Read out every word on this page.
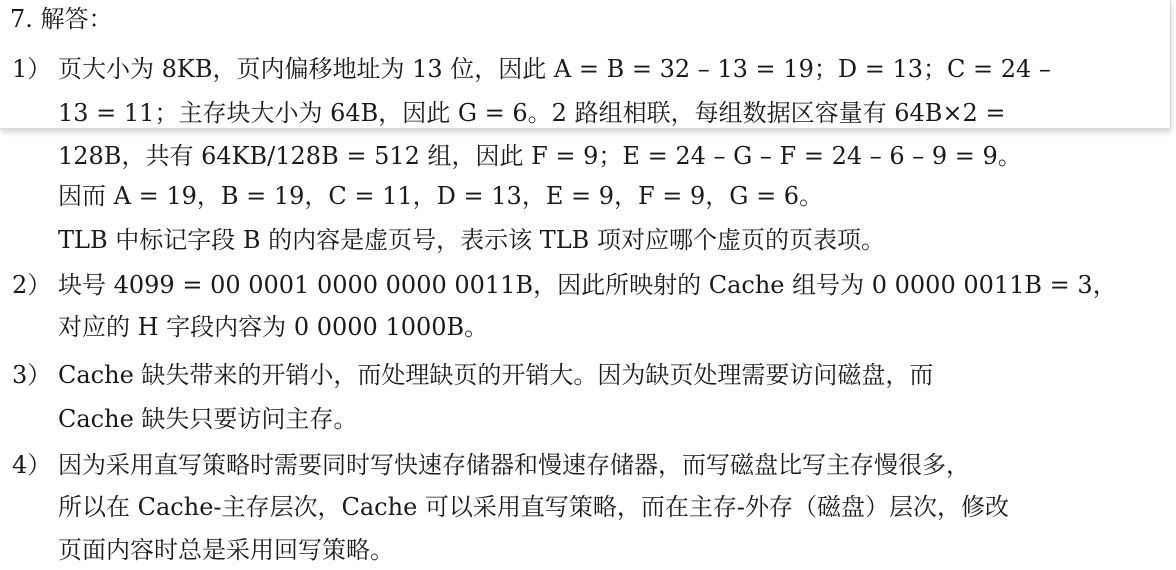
7. 解答：
1） 页大小为 8KB，页内偏移地址为 13 位，因此 A = B = 32 – 13 = 19；D = 13；C = 24 –
13 = 11；主存块大小为 64B，因此 G = 6。2 路组相联，每组数据区容量有 64B×2 =
128B，共有 64KB/128B = 512 组，因此 F = 9；E = 24 – G – F = 24 – 6 – 9 = 9。
因而 A = 19，B = 19，C = 11，D = 13，E = 9，F = 9，G = 6。
TLB 中标记字段 B 的内容是虚页号，表示该 TLB 项对应哪个虚页的页表项。
2） 块号 4099 = 00 0001 0000 0000 0011B，因此所映射的 Cache 组号为 0 0000 0011B = 3，
对应的 H 字段内容为 0 0000 1000B。
3） Cache 缺失带来的开销小，而处理缺页的开销大。因为缺页处理需要访问磁盘，而
Cache 缺失只要访问主存。
4） 因为采用直写策略时需要同时写快速存储器和慢速存储器，而写磁盘比写主存慢很多，
所以在 Cache-主存层次，Cache 可以采用直写策略，而在主存-外存（磁盘）层次，修改
页面内容时总是采用回写策略。
